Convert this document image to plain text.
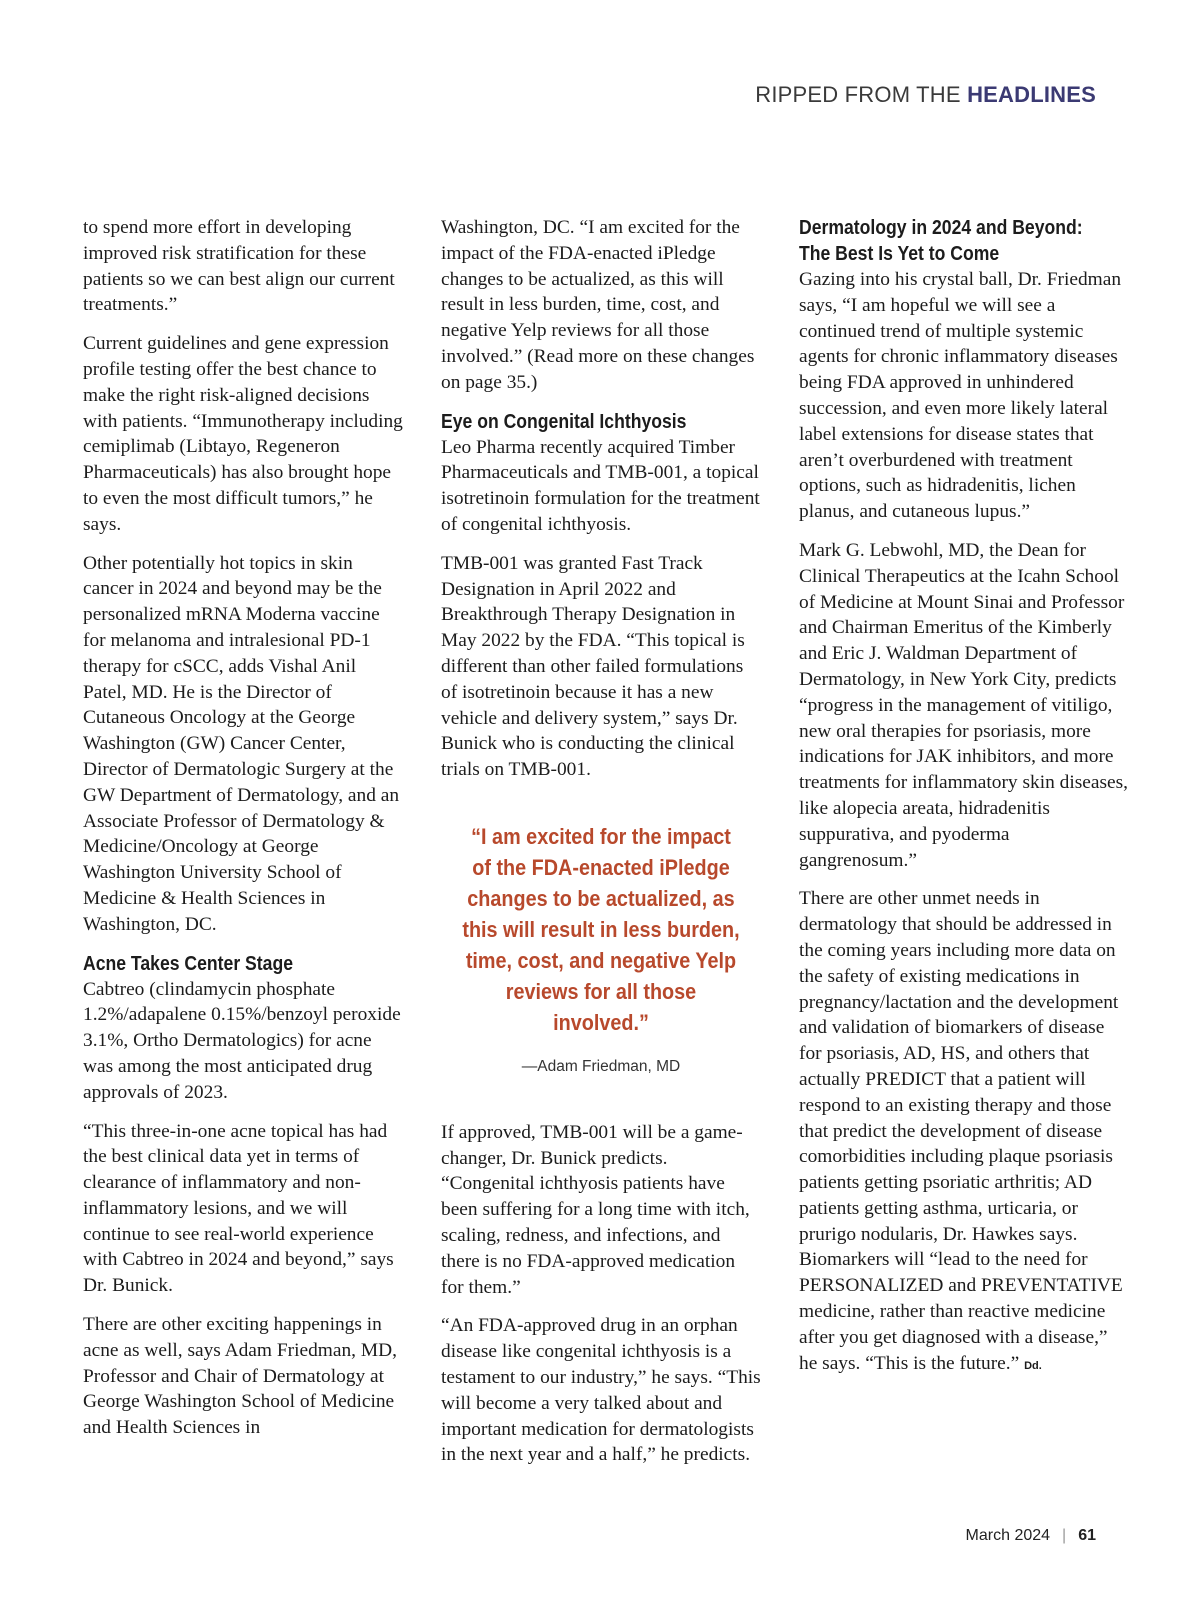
RIPPED FROM THE HEADLINES

to spend more effort in developing improved risk stratification for these patients so we can best align our current treatments.”

Current guidelines and gene expression profile testing offer the best chance to make the right risk-aligned decisions with patients. “Immunotherapy including cemiplimab (Libtayo, Regeneron Pharmaceuticals) has also brought hope to even the most difficult tumors,” he says.

Other potentially hot topics in skin cancer in 2024 and beyond may be the personalized mRNA Moderna vaccine for melanoma and intralesional PD-1 therapy for cSCC, adds Vishal Anil Patel, MD. He is the Director of Cutaneous Oncology at the George Washington (GW) Cancer Center, Director of Dermatologic Surgery at the GW Department of Dermatology, and an Associate Professor of Dermatology & Medicine/Oncology at George Washington University School of Medicine & Health Sciences in Washington, DC.

Acne Takes Center Stage

Cabtreo (clindamycin phosphate 1.2%/adapalene 0.15%/benzoyl peroxide 3.1%, Ortho Dermatologics) for acne was among the most anticipated drug approvals of 2023.

“This three-in-one acne topical has had the best clinical data yet in terms of clearance of inflammatory and non-inflammatory lesions, and we will continue to see real-world experience with Cabtreo in 2024 and beyond,” says Dr. Bunick.

There are other exciting happenings in acne as well, says Adam Friedman, MD, Professor and Chair of Dermatology at George Washington School of Medicine and Health Sciences in

Washington, DC. “I am excited for the impact of the FDA-enacted iPledge changes to be actualized, as this will result in less burden, time, cost, and negative Yelp reviews for all those involved.” (Read more on these changes on page 35.)

Eye on Congenital Ichthyosis

Leo Pharma recently acquired Timber Pharmaceuticals and TMB-001, a topical isotretinoin formulation for the treatment of congenital ichthyosis.

TMB-001 was granted Fast Track Designation in April 2022 and Breakthrough Therapy Designation in May 2022 by the FDA. “This topical is different than other failed formulations of isotretinoin because it has a new vehicle and delivery system,” says Dr. Bunick who is conducting the clinical trials on TMB-001.

“I am excited for the impact of the FDA-enacted iPledge changes to be actualized, as this will result in less burden, time, cost, and negative Yelp reviews for all those involved.”
—Adam Friedman, MD

If approved, TMB-001 will be a game-changer, Dr. Bunick predicts. “Congenital ichthyosis patients have been suffering for a long time with itch, scaling, redness, and infections, and there is no FDA-approved medication for them.”

“An FDA-approved drug in an orphan disease like congenital ichthyosis is a testament to our industry,” he says. “This will become a very talked about and important medication for dermatologists in the next year and a half,” he predicts.

Dermatology in 2024 and Beyond:
The Best Is Yet to Come

Gazing into his crystal ball, Dr. Friedman says, “I am hopeful we will see a continued trend of multiple systemic agents for chronic inflammatory diseases being FDA approved in unhindered succession, and even more likely lateral label extensions for disease states that aren’t overburdened with treatment options, such as hidradenitis, lichen planus, and cutaneous lupus.”

Mark G. Lebwohl, MD, the Dean for Clinical Therapeutics at the Icahn School of Medicine at Mount Sinai and Professor and Chairman Emeritus of the Kimberly and Eric J. Waldman Department of Dermatology, in New York City, predicts “progress in the management of vitiligo, new oral therapies for psoriasis, more indications for JAK inhibitors, and more treatments for inflammatory skin diseases, like alopecia areata, hidradenitis suppurativa, and pyoderma gangrenosum.”

There are other unmet needs in dermatology that should be addressed in the coming years including more data on the safety of existing medications in pregnancy/lactation and the development and validation of biomarkers of disease for psoriasis, AD, HS, and others that actually PREDICT that a patient will respond to an existing therapy and those that predict the development of disease comorbidities including plaque psoriasis patients getting psoriatic arthritis; AD patients getting asthma, urticaria, or prurigo nodularis, Dr. Hawkes says. Biomarkers will “lead to the need for PERSONALIZED and PREVENTATIVE medicine, rather than reactive medicine after you get diagnosed with a disease,” he says. “This is the future.” Dd.

March 2024 | 61
